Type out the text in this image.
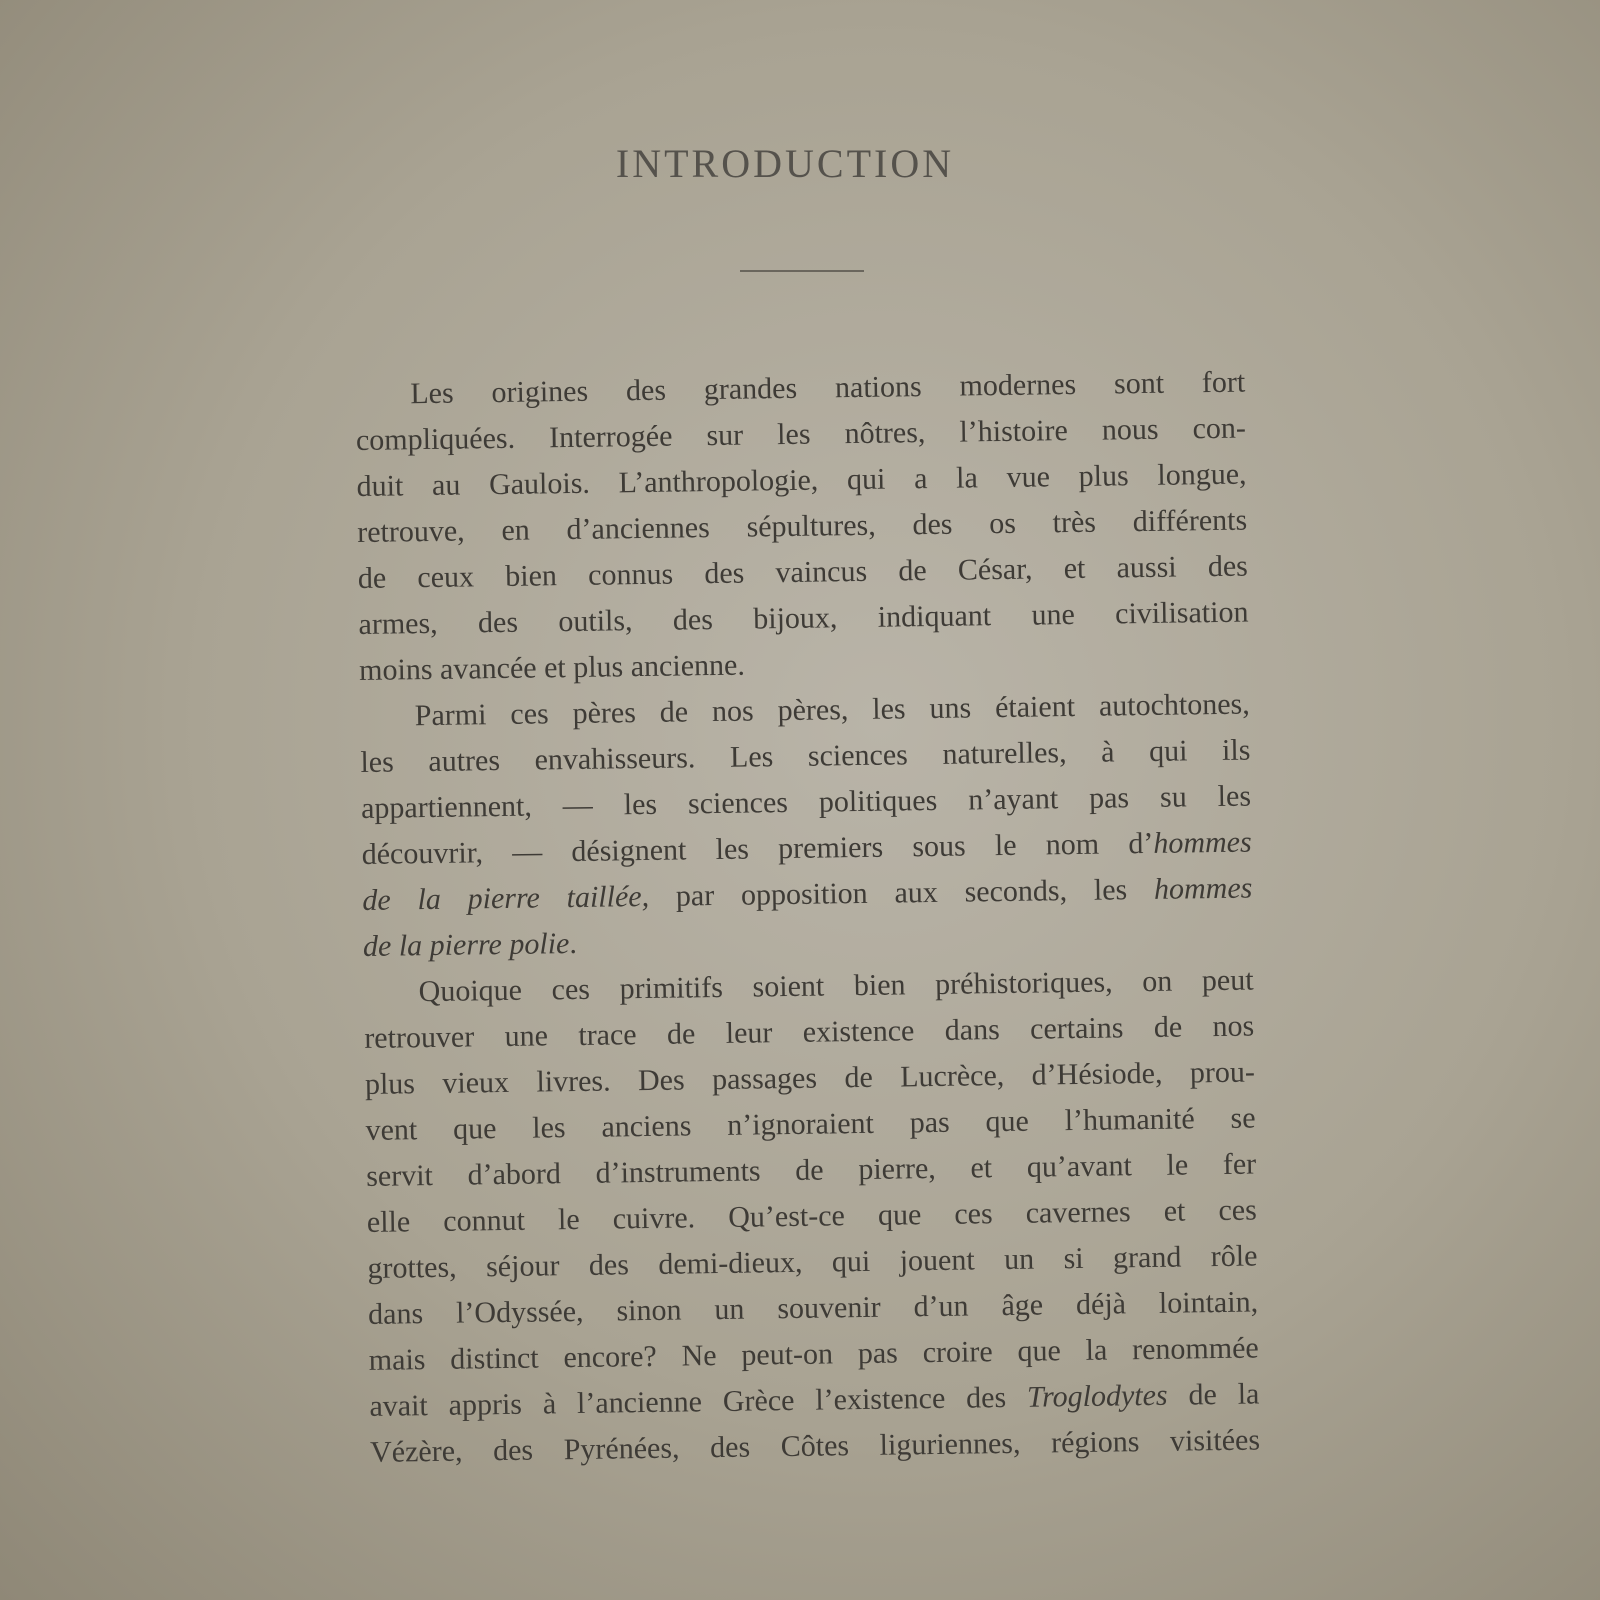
INTRODUCTION
Les origines des grandes nations modernes sont fort
compliquées. Interrogée sur les nôtres, l’histoire nous con-
duit au Gaulois. L’anthropologie, qui a la vue plus longue,
retrouve, en d’anciennes sépultures, des os très différents
de ceux bien connus des vaincus de César, et aussi des
armes, des outils, des bijoux, indiquant une civilisation
moins avancée et plus ancienne.
Parmi ces pères de nos pères, les uns étaient autochtones,
les autres envahisseurs. Les sciences naturelles, à qui ils
appartiennent, — les sciences politiques n’ayant pas su les
découvrir, — désignent les premiers sous le nom d’hommes
de la pierre taillée, par opposition aux seconds, les hommes
de la pierre polie.
Quoique ces primitifs soient bien préhistoriques, on peut
retrouver une trace de leur existence dans certains de nos
plus vieux livres. Des passages de Lucrèce, d’Hésiode, prou-
vent que les anciens n’ignoraient pas que l’humanité se
servit d’abord d’instruments de pierre, et qu’avant le fer
elle connut le cuivre. Qu’est-ce que ces cavernes et ces
grottes, séjour des demi-dieux, qui jouent un si grand rôle
dans l’Odyssée, sinon un souvenir d’un âge déjà lointain,
mais distinct encore? Ne peut-on pas croire que la renommée
avait appris à l’ancienne Grèce l’existence des Troglodytes de la
Vézère, des Pyrénées, des Côtes liguriennes, régions visitées
